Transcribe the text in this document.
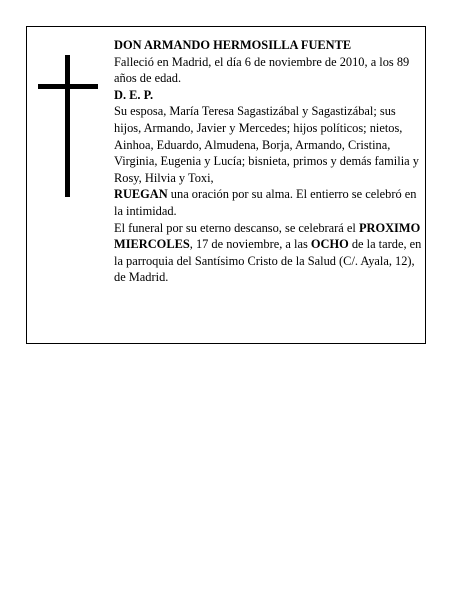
DON ARMANDO HERMOSILLA FUENTE

Falleció en Madrid, el día 6 de noviembre de 2010, a los 89 años de edad.

D. E. P.

Su esposa, María Teresa Sagastizábal y Sagastizábal; sus hijos, Armando, Javier y Mercedes; hijos políticos; nietos, Ainhoa, Eduardo, Almudena, Borja, Armando, Cristina, Virginia, Eugenia y Lucía; bisnieta, primos y demás familia y Rosy, Hilvia y Toxi,

RUEGAN una oración por su alma. El entierro se celebró en la intimidad.

El funeral por su eterno descanso, se celebrará el PROXIMO MIERCOLES, 17 de noviembre, a las OCHO de la tarde, en la parroquia del Santísimo Cristo de la Salud (C/. Ayala, 12), de Madrid.
